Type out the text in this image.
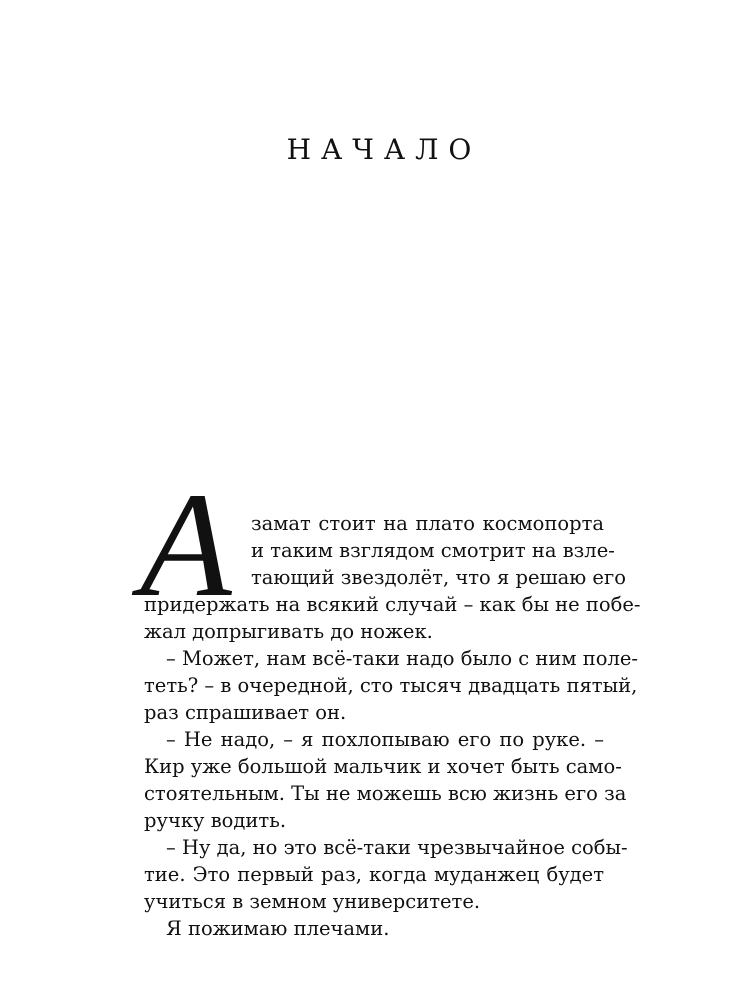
НАЧАЛО
А замат стоит на плато космопорта
и таким взглядом смотрит на взле-
тающий звездолёт, что я решаю его
придержать на всякий случай – как бы не побе-
жал допрыгивать до ножек.
– Может, нам всё-таки надо было с ним поле-
теть? – в очередной, сто тысяч двадцать пятый,
раз спрашивает он.
– Не надо, – я похлопываю его по руке. –
Кир уже большой мальчик и хочет быть само-
стоятельным. Ты не можешь всю жизнь его за
ручку водить.
– Ну да, но это всё-таки чрезвычайное собы-
тие. Это первый раз, когда муданжец будет
учиться в земном университете.
Я пожимаю плечами.
